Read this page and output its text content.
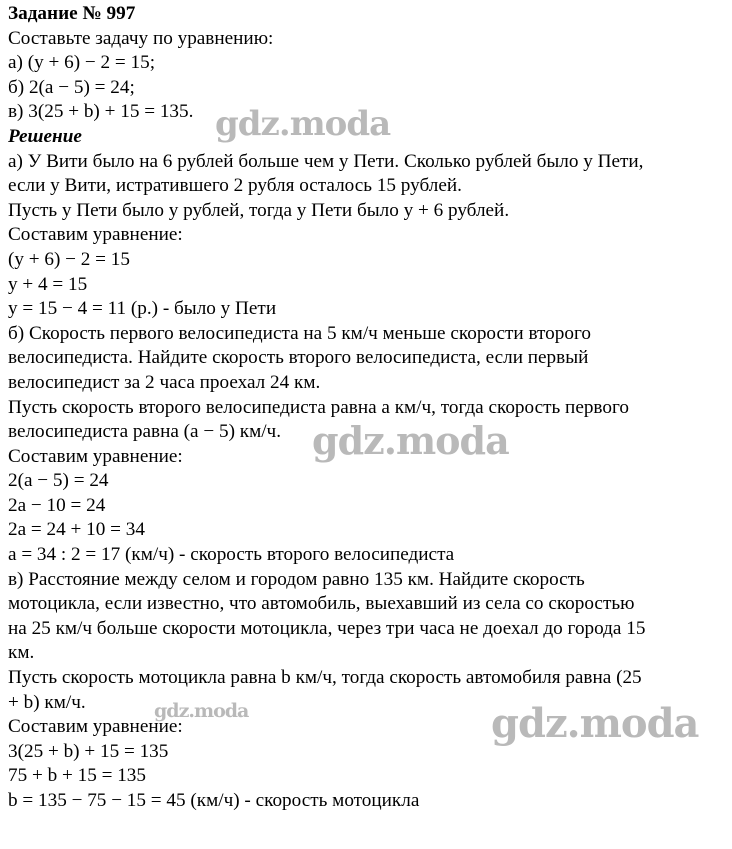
Задание № 997
Составьте задачу по уравнению:
а) (у + 6) − 2 = 15;
б) 2(а − 5) = 24;
в) 3(25 + b) + 15 = 135.
Решение
а) У Вити было на 6 рублей больше чем у Пети. Сколько рублей было у Пети,
если у Вити, истратившего 2 рубля осталось 15 рублей.
Пусть у Пети было у рублей, тогда у Пети было у + 6 рублей.
Составим уравнение:
(у + 6) − 2 = 15
у + 4 = 15
у = 15 − 4 = 11 (р.) - было у Пети
б) Скорость первого велосипедиста на 5 км/ч меньше скорости второго
велосипедиста. Найдите скорость второго велосипедиста, если первый
велосипедист за 2 часа проехал 24 км.
Пусть скорость второго велосипедиста равна а км/ч, тогда скорость первого
велосипедиста равна (а − 5) км/ч.
Составим уравнение:
2(а − 5) = 24
2а − 10 = 24
2а = 24 + 10 = 34
а = 34 : 2 = 17 (км/ч) - скорость второго велосипедиста
в) Расстояние между селом и городом равно 135 км. Найдите скорость
мотоцикла, если известно, что автомобиль, выехавший из села со скоростью
на 25 км/ч больше скорости мотоцикла, через три часа не доехал до города 15
км.
Пусть скорость мотоцикла равна b км/ч, тогда скорость автомобиля равна (25
+ b) км/ч.
Составим уравнение:
3(25 + b) + 15 = 135
75 + b + 15 = 135
b = 135 − 75 − 15 = 45 (км/ч) - скорость мотоцикла
gdz.moda
gdz.moda
gdz.moda	gdz.moda
